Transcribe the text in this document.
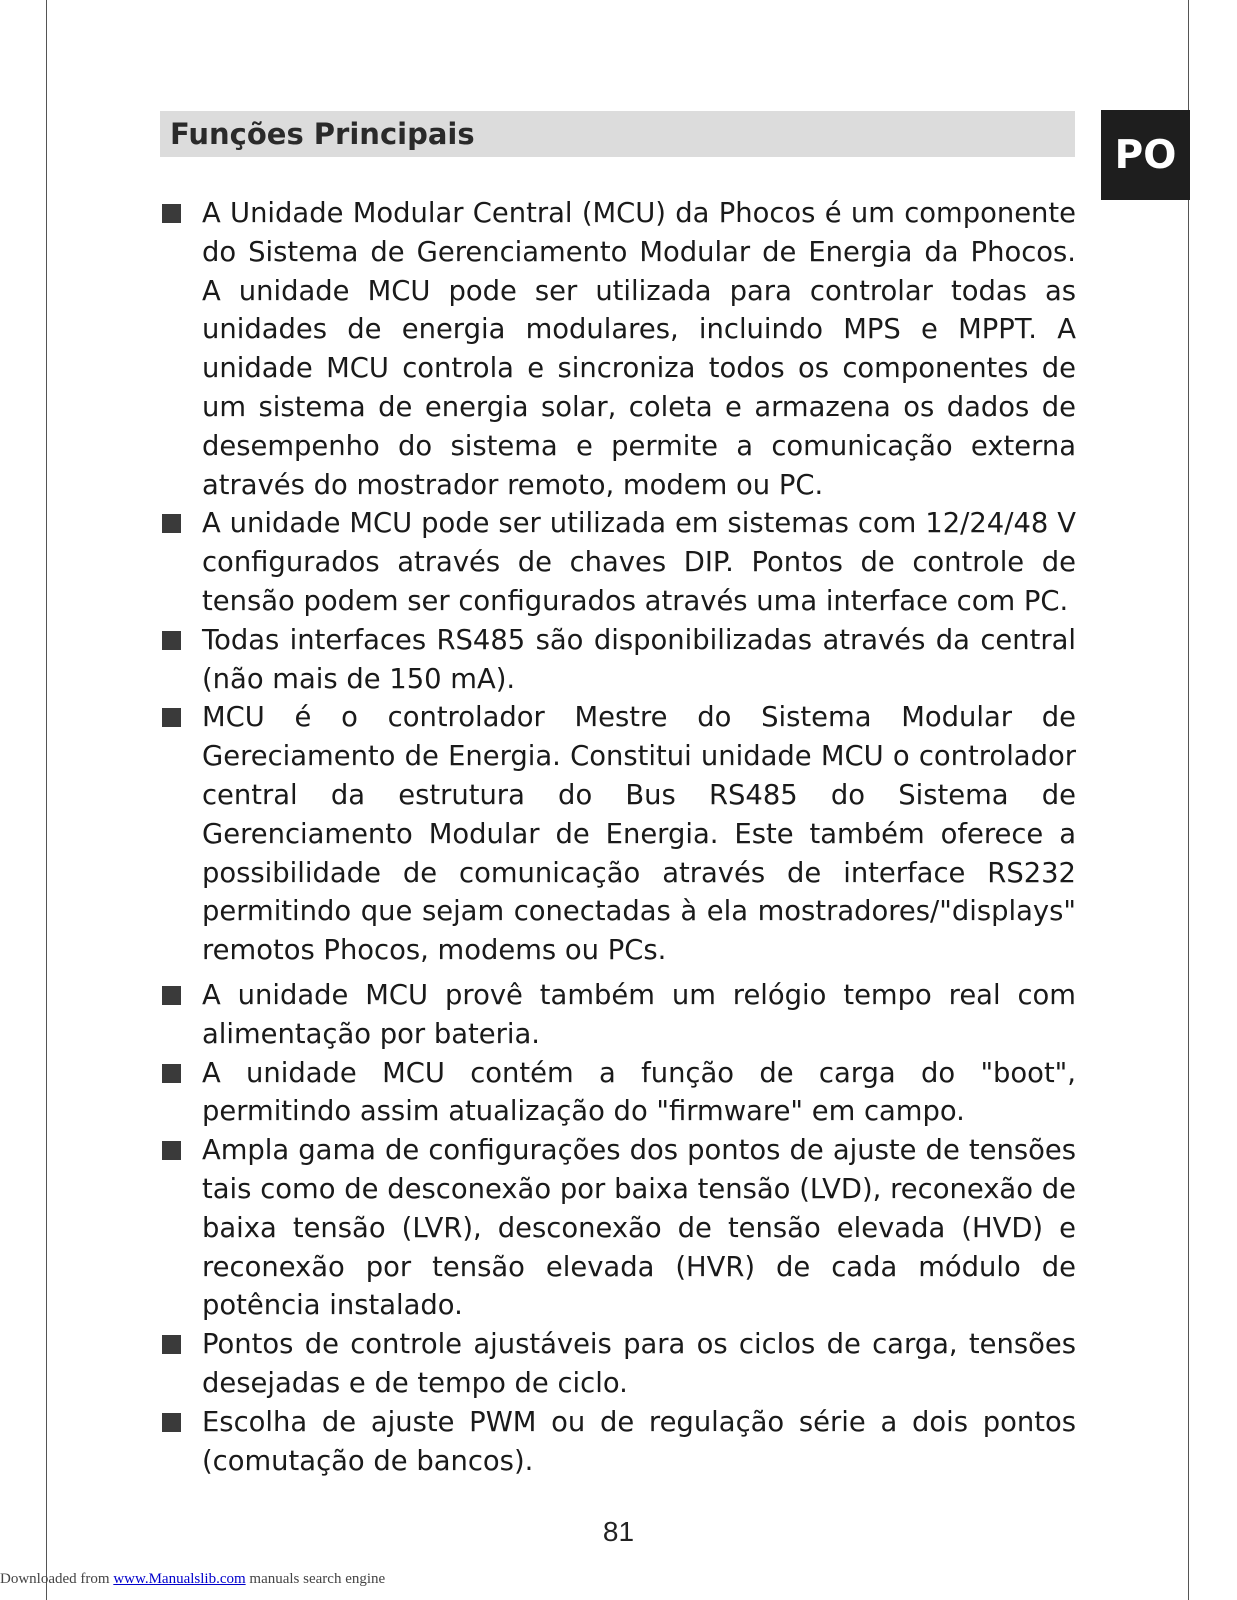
Funções Principais	PO
A Unidade Modular Central (MCU) da Phocos é um componente do Sistema de Gerenciamento Modular de Energia da Phocos. A unidade MCU pode ser utilizada para controlar todas as unidades de energia modulares, incluindo MPS e MPPT. A unidade MCU controla e sincroniza todos os componentes de um sistema de energia solar, coleta e armazena os dados de desempenho do sistema e permite a comunicação externa através do mostrador remoto, modem ou PC.
A unidade MCU pode ser utilizada em sistemas com 12/24/48 V configurados através de chaves DIP. Pontos de controle de tensão podem ser configurados através uma interface com PC.
Todas interfaces RS485 são disponibilizadas através da central (não mais de 150 mA).
MCU é o controlador Mestre do Sistema Modular de Gereciamento de Energia. Constitui unidade MCU o controlador central da estrutura do Bus RS485 do Sistema de Gerenciamento Modular de Energia. Este também oferece a possibilidade de comunicação através de interface RS232 permitindo que sejam conectadas à ela mostradores/"displays" remotos Phocos, modems ou PCs.
A unidade MCU provê também um relógio tempo real com alimentação por bateria.
A unidade MCU contém a função de carga do "boot", permitindo assim atualização do "firmware" em campo.
Ampla gama de configurações dos pontos de ajuste de tensões tais como de desconexão por baixa tensão (LVD), reconexão de baixa tensão (LVR), desconexão de tensão elevada (HVD) e reconexão por tensão elevada (HVR) de cada módulo de potência instalado.
Pontos de controle ajustáveis para os ciclos de carga, tensões desejadas e de tempo de ciclo.
Escolha de ajuste PWM ou de regulação série a dois pontos (comutação de bancos).
81
Downloaded from www.Manualslib.com manuals search engine
